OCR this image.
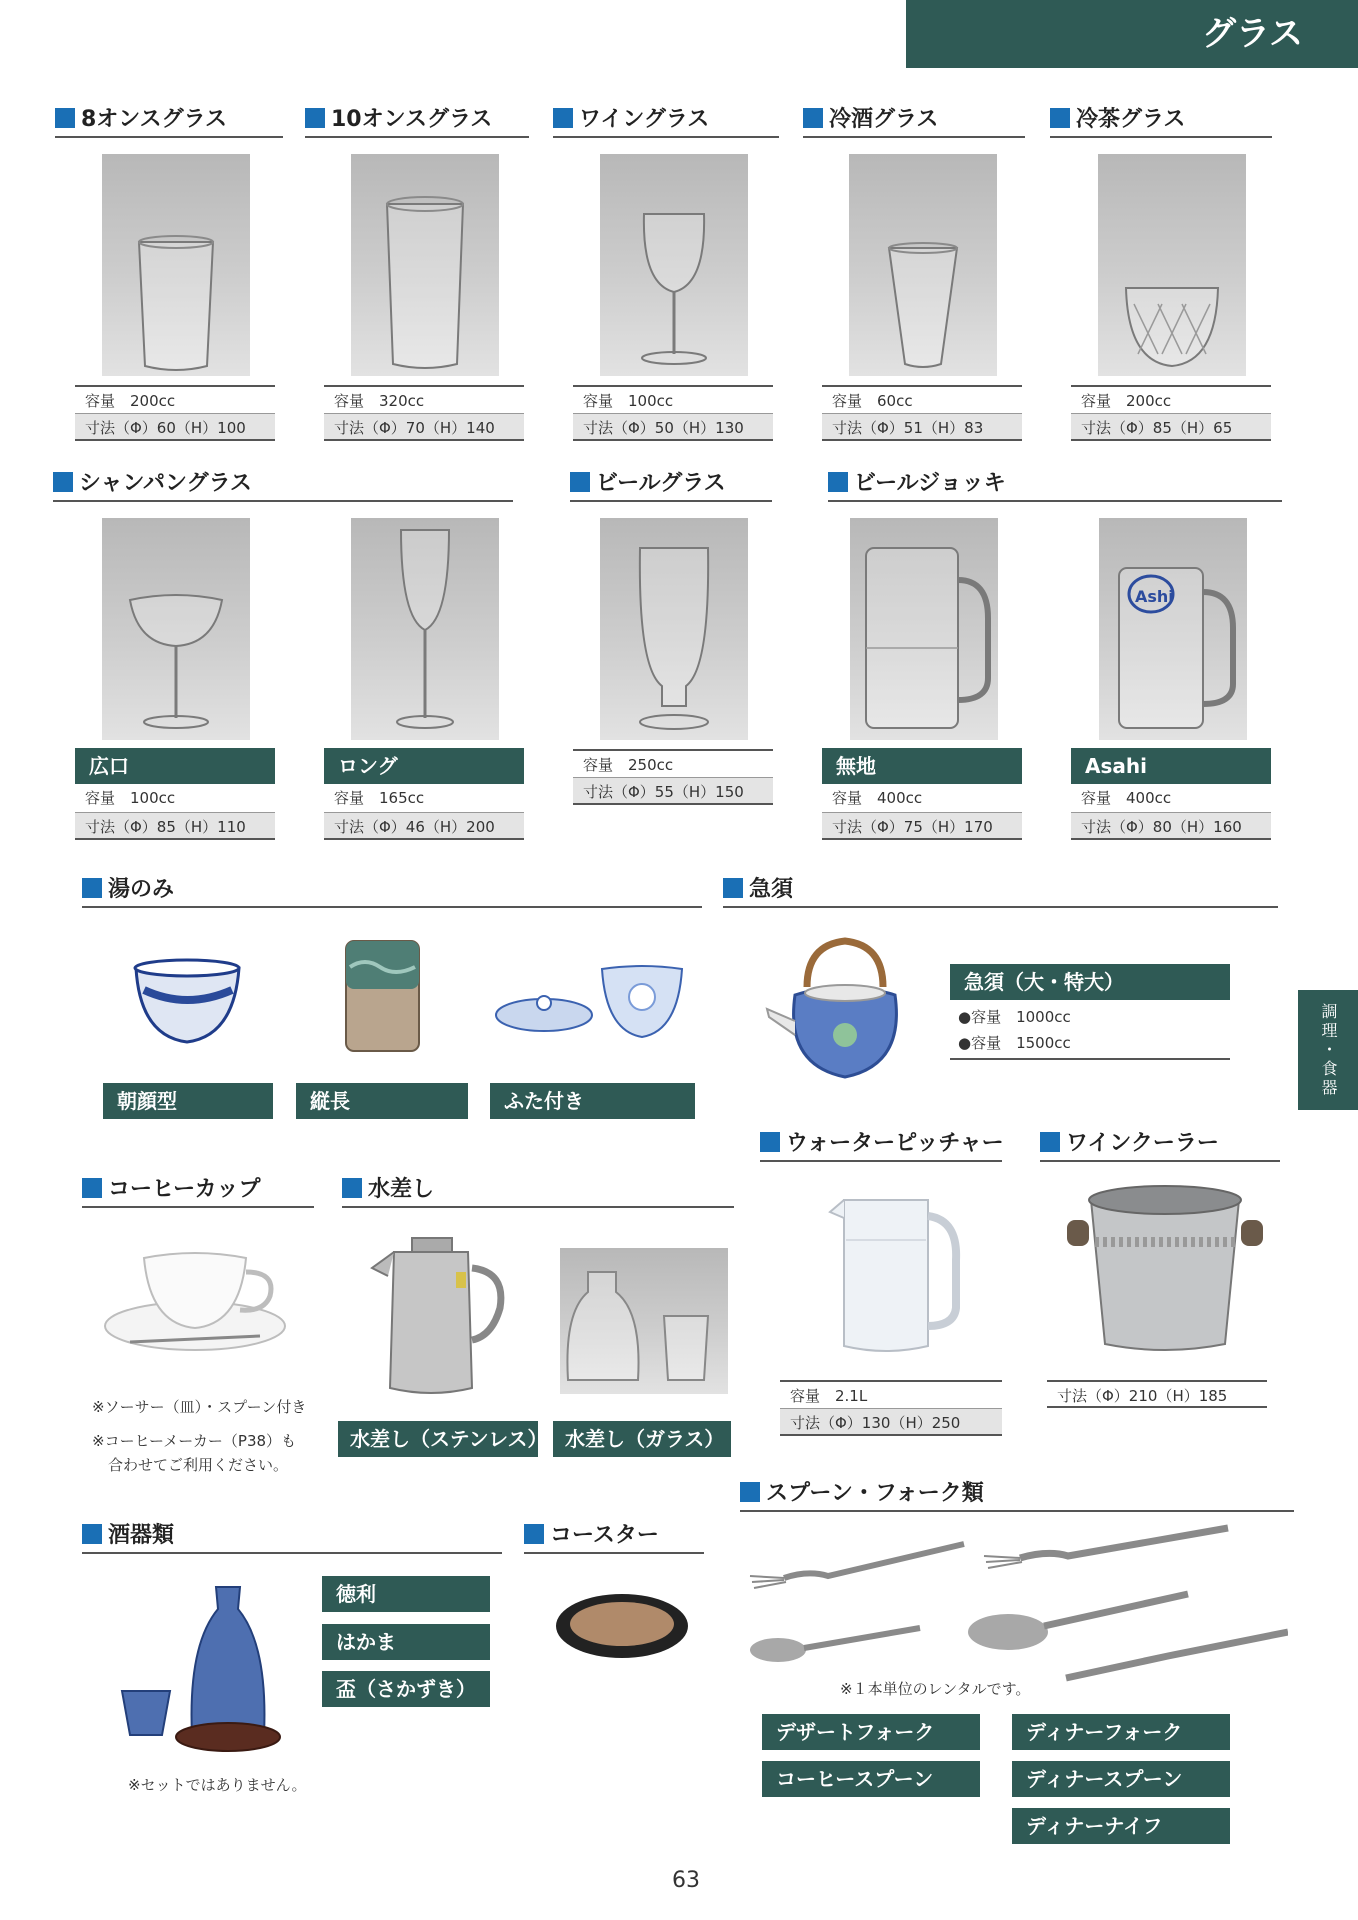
グラス
調理・食器
8オンスグラス	10オンスグラス	ワイングラス	冷酒グラス	冷茶グラス
容量　200cc
寸法（Φ）60（H）100
容量　320cc
寸法（Φ）70（H）140
容量　100cc
寸法（Φ）50（H）130
容量　60cc
寸法（Φ）51（H）83
容量　200cc
寸法（Φ）85（H）65
シャンパングラス	ビールグラス	ビールジョッキ
Ashi
広口
容量　100cc
寸法（Φ）85（H）110
ロング
容量　165cc
寸法（Φ）46（H）200
容量　250cc
寸法（Φ）55（H）150
無地
容量　400cc
寸法（Φ）75（H）170
Asahi
容量　400cc
寸法（Φ）80（H）160
湯のみ
朝顔型	縦長	ふた付き
急須
急須（大・特大）
●容量　1000cc
●容量　1500cc
コーヒーカップ
※ソーサー（皿）・スプーン付き
※コーヒーメーカー（P38）も
合わせてご利用ください。
水差し
水差し（ステンレス） 水差し（ガラス）
ウォーターピッチャー
容量　2.1L
寸法（Φ）130（H）250
ワインクーラー
寸法（Φ）210（H）185
酒器類
徳利
はかま
盃（さかずき）
※セットではありません。
コースター
スプーン・フォーク類
※１本単位のレンタルです。
デザートフォーク	ディナーフォーク
コーヒースプーン	ディナースプーン
ディナーナイフ
63
